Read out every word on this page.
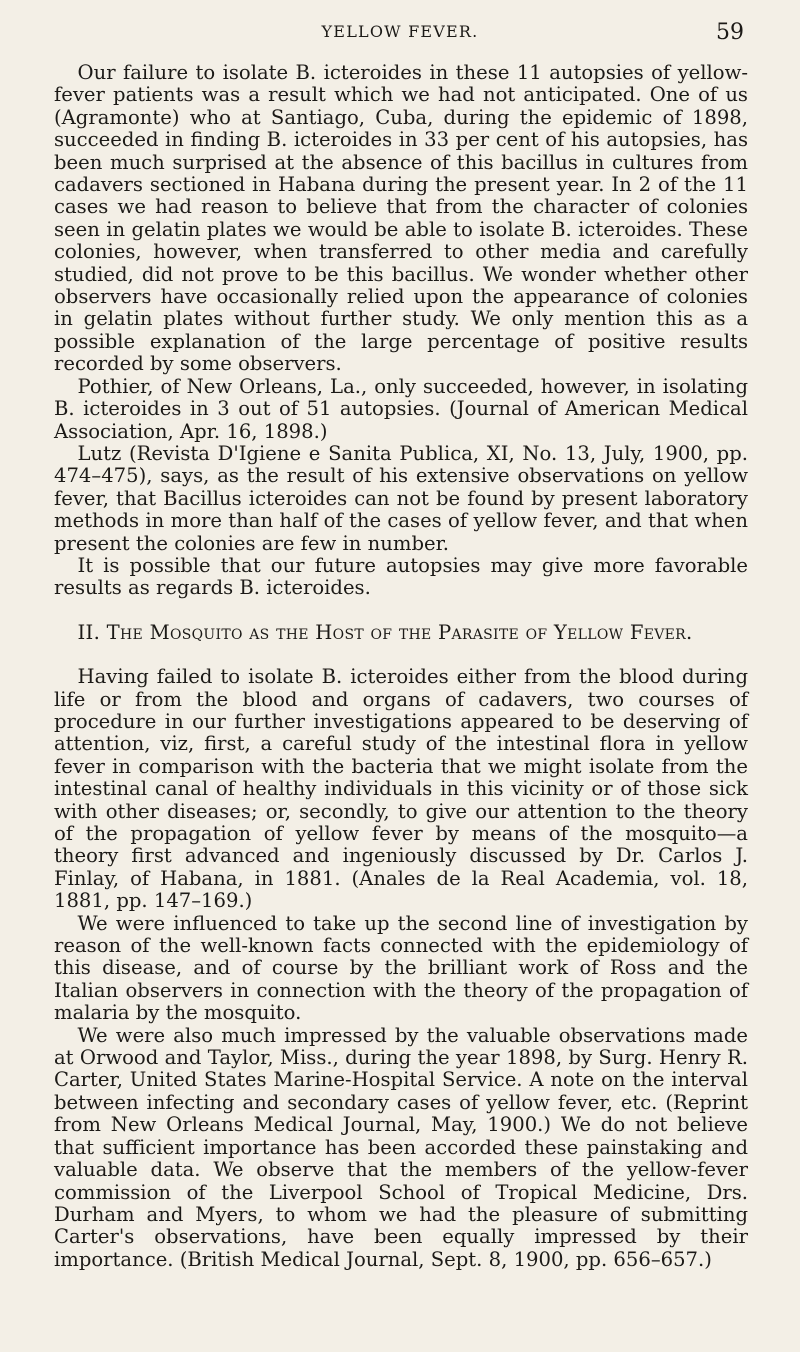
YELLOW FEVER.	59

Our failure to isolate B. icteroides in these 11 autopsies of yellow-fever patients was a result which we had not anticipated. One of us (Agramonte) who at Santiago, Cuba, during the epidemic of 1898, succeeded in finding B. icteroides in 33 per cent of his autopsies, has been much surprised at the absence of this bacillus in cultures from cadavers sectioned in Habana during the present year. In 2 of the 11 cases we had reason to believe that from the character of colonies seen in gelatin plates we would be able to isolate B. icteroides. These colonies, however, when transferred to other media and carefully studied, did not prove to be this bacillus. We wonder whether other observers have occasionally relied upon the appearance of colonies in gelatin plates without further study. We only mention this as a possible explanation of the large percentage of positive results recorded by some observers.

Pothier, of New Orleans, La., only succeeded, however, in isolating B. icteroides in 3 out of 51 autopsies. (Journal of American Medical Association, Apr. 16, 1898.)

Lutz (Revista D'Igiene e Sanita Publica, XI, No. 13, July, 1900, pp. 474–475), says, as the result of his extensive observations on yellow fever, that Bacillus icteroides can not be found by present laboratory methods in more than half of the cases of yellow fever, and that when present the colonies are few in number.

It is possible that our future autopsies may give more favorable results as regards B. icteroides.

II. The Mosquito as the Host of the Parasite of Yellow Fever.

Having failed to isolate B. icteroides either from the blood during life or from the blood and organs of cadavers, two courses of procedure in our further investigations appeared to be deserving of attention, viz, first, a careful study of the intestinal flora in yellow fever in comparison with the bacteria that we might isolate from the intestinal canal of healthy individuals in this vicinity or of those sick with other diseases; or, secondly, to give our attention to the theory of the propagation of yellow fever by means of the mosquito—a theory first advanced and ingeniously discussed by Dr. Carlos J. Finlay, of Habana, in 1881. (Anales de la Real Academia, vol. 18, 1881, pp. 147–169.)

We were influenced to take up the second line of investigation by reason of the well-known facts connected with the epidemiology of this disease, and of course by the brilliant work of Ross and the Italian observers in connection with the theory of the propagation of malaria by the mosquito.

We were also much impressed by the valuable observations made at Orwood and Taylor, Miss., during the year 1898, by Surg. Henry R. Carter, United States Marine-Hospital Service. A note on the interval between infecting and secondary cases of yellow fever, etc. (Reprint from New Orleans Medical Journal, May, 1900.) We do not believe that sufficient importance has been accorded these painstaking and valuable data. We observe that the members of the yellow-fever commission of the Liverpool School of Tropical Medicine, Drs. Durham and Myers, to whom we had the pleasure of submitting Carter's observations, have been equally impressed by their importance. (British Medical Journal, Sept. 8, 1900, pp. 656–657.)
